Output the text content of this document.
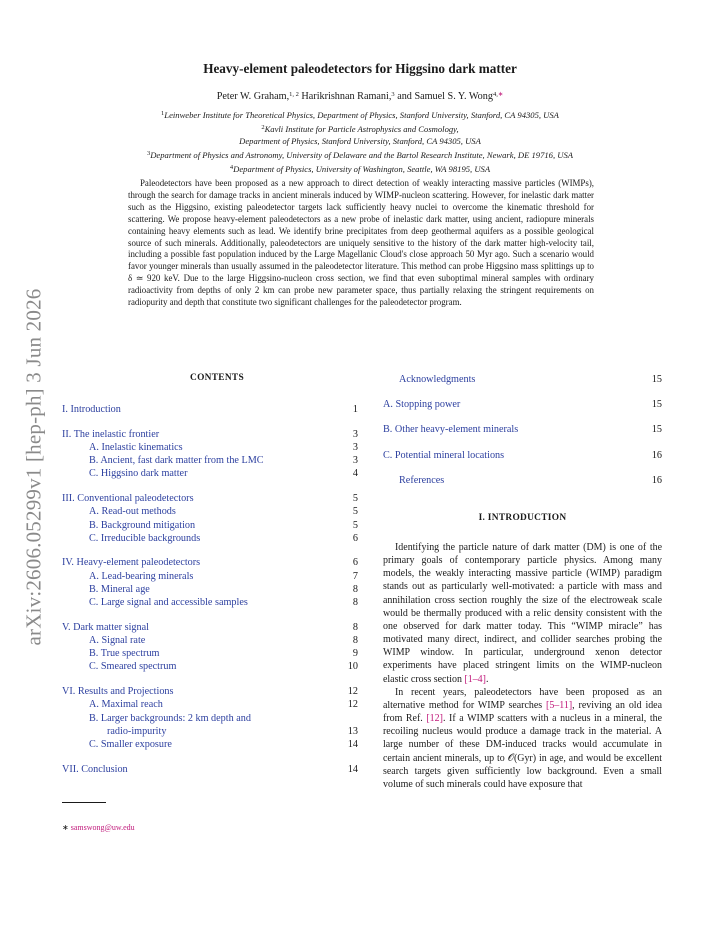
arXiv:2606.05299v1 [hep-ph] 3 Jun 2026
Heavy-element paleodetectors for Higgsino dark matter
Peter W. Graham,$^{1, 2}$ Harikrishnan Ramani,$^3$ and Samuel S. Y. Wong$^{4,∗}$
$^1$Leinweber Institute for Theoretical Physics, Department of Physics, Stanford University, Stanford, CA 94305, USA
$^2$Kavli Institute for Particle Astrophysics and Cosmology,
Department of Physics, Stanford University, Stanford, CA 94305, USA
$^3$Department of Physics and Astronomy, University of Delaware and the Bartol Research Institute, Newark, DE 19716, USA
$^4$Department of Physics, University of Washington, Seattle, WA 98195, USA
Paleodetectors have been proposed as a new approach to direct detection of weakly interacting massive particles (WIMPs), through the search for damage tracks in ancient minerals induced by WIMP-nucleon scattering. However, for inelastic dark matter such as the Higgsino, existing paleodetector targets lack sufficiently heavy nuclei to overcome the kinematic threshold for scattering. We propose heavy-element paleodetectors as a new probe of inelastic dark matter, using ancient, radiopure minerals containing heavy elements such as lead. We identify brine precipitates from deep geothermal aquifers as a possible geological source of such minerals. Additionally, paleodetectors are uniquely sensitive to the history of the dark matter high-velocity tail, including a possible fast population induced by the Large Magellanic Cloud's close approach 50 Myr ago. Such a scenario would favor younger minerals than usually assumed in the paleodetector literature. This method can probe Higgsino mass splittings up to δ ≃ 920 keV. Due to the large Higgsino-nucleon cross section, we find that even suboptimal mineral samples with ordinary radioactivity from depths of only 2 km can probe new parameter space, thus partially relaxing the stringent requirements on radiopurity and depth that constitute two significant challenges for the paleodetector program.
CONTENTS
I. Introduction	1
II. The inelastic frontier	3
A. Inelastic kinematics	3
B. Ancient, fast dark matter from the LMC	3
C. Higgsino dark matter	4
III. Conventional paleodetectors	5
A. Read-out methods	5
B. Background mitigation	5
C. Irreducible backgrounds	6
IV. Heavy-element paleodetectors	6
A. Lead-bearing minerals	7
B. Mineral age	8
C. Large signal and accessible samples	8
V. Dark matter signal	8
A. Signal rate	8
B. True spectrum	9
C. Smeared spectrum	10
VI. Results and Projections	12
A. Maximal reach	12
B. Larger backgrounds: 2 km depth and
radio-impurity	13
C. Smaller exposure	14
VII. Conclusion	14
Acknowledgments	15
A. Stopping power	15
B. Other heavy-element minerals	15
C. Potential mineral locations	16
References	16
∗ samswong@uw.edu
I. INTRODUCTION

Identifying the particle nature of dark matter (DM) is one of the primary goals of contemporary particle physics. Among many models, the weakly interacting massive particle (WIMP) paradigm stands out as particularly well-motivated: a particle with mass and annihilation cross section roughly the size of the electroweak scale would be thermally produced with a relic density consistent with the one observed for dark matter today. This “WIMP miracle” has motivated many direct, indirect, and collider searches probing the WIMP window. In particular, underground xenon detector experiments have placed stringent limits on the WIMP-nucleon elastic cross section [1–4].

In recent years, paleodetectors have been proposed as an alternative method for WIMP searches [5–11], reviving an old idea from Ref. [12]. If a WIMP scatters with a nucleus in a mineral, the recoiling nucleus would produce a damage track in the material. A large number of these DM-induced tracks would accumulate in certain ancient minerals, up to 𝒪(Gyr) in age, and would be excellent search targets given sufficiently low background. Even a small volume of such minerals could have exposure that
